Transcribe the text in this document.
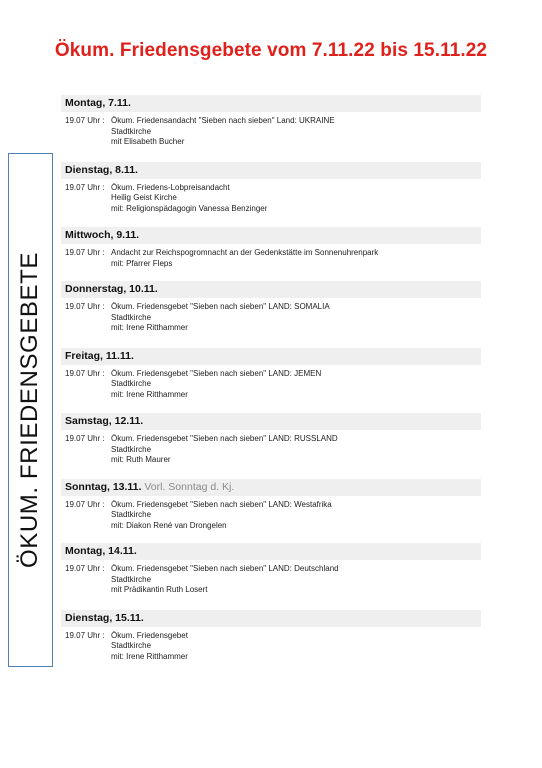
Ökum. Friedensgebete vom 7.11.22 bis 15.11.22
ÖKUM. FRIEDENSGEBETE
Montag, 7.11.
19.07 Uhr : Ökum. Friedensandacht "Sieben nach sieben" Land: UKRAINE
Stadtkirche
mit Elisabeth Bucher
Dienstag, 8.11.
19.07 Uhr : Ökum. Friedens-Lobpreisandacht
Heilig Geist Kirche
mit: Religionspädagogin Vanessa Benzinger
Mittwoch, 9.11.
19.07 Uhr : Andacht zur Reichspogromnacht an der Gedenkstätte im Sonnenuhrenpark
mit: Pfarrer Fleps
Donnerstag, 10.11.
19.07 Uhr : Ökum. Friedensgebet "Sieben nach sieben" LAND: SOMALIA
Stadtkirche
mit: Irene Ritthammer
Freitag, 11.11.
19.07 Uhr : Ökum. Friedensgebet "Sieben nach sieben" LAND: JEMEN
Stadtkirche
mit: Irene Ritthammer
Samstag, 12.11.
19.07 Uhr : Ökum. Friedensgebet "Sieben nach sieben" LAND: RUSSLAND
Stadtkirche
mit: Ruth Maurer
Sonntag, 13.11. Vorl. Sonntag d. Kj.
19.07 Uhr : Ökum. Friedensgebet "Sieben nach sieben" LAND: Westafrika
Stadtkirche
mit: Diakon René van Drongelen
Montag, 14.11.
19.07 Uhr : Ökum. Friedensgebet "Sieben nach sieben" LAND: Deutschland
Stadtkirche
mit Prädikantin Ruth Losert
Dienstag, 15.11.
19.07 Uhr : Ökum. Friedensgebet
Stadtkirche
mit: Irene Ritthammer
